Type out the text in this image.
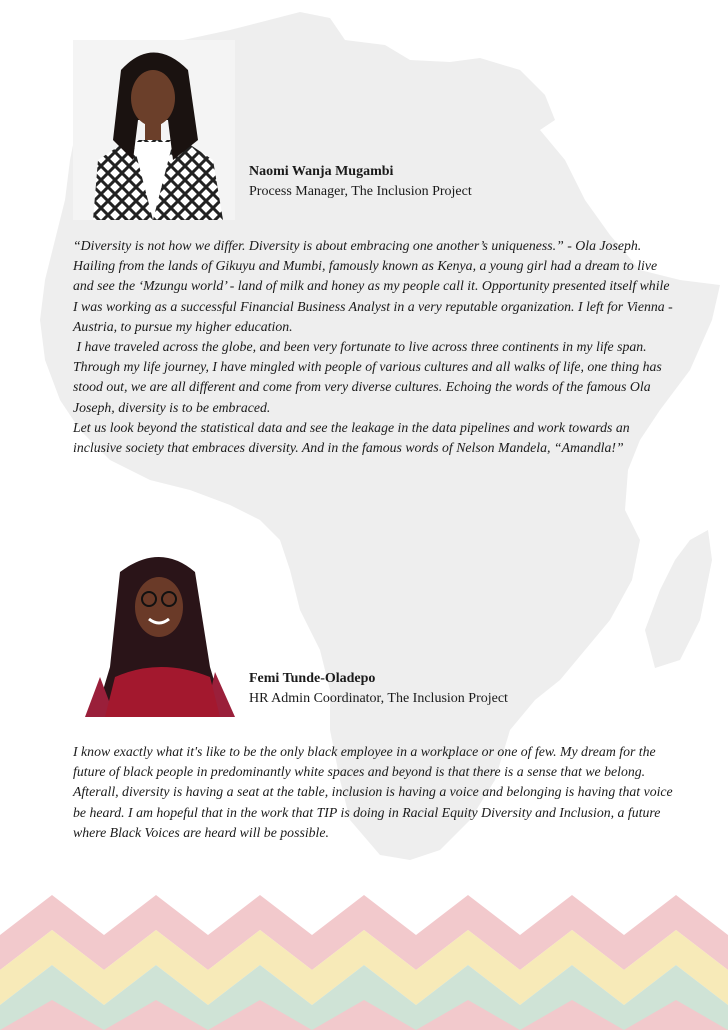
Naomi Wanja Mugambi
Process Manager, The Inclusion Project

“Diversity is not how we differ. Diversity is about embracing one another’s uniqueness.” - Ola Joseph.

Hailing from the lands of Gikuyu and Mumbi, famously known as Kenya, a young girl had a dream to live and see the ‘Mzungu world’ - land of milk and honey as my people call it. Opportunity presented itself while I was working as a successful Financial Business Analyst in a very reputable organization. I left for Vienna - Austria, to pursue my higher education.

I have traveled across the globe, and been very fortunate to live across three continents in my life span. Through my life journey, I have mingled with people of various cultures and all walks of life, one thing has stood out, we are all different and come from very diverse cultures. Echoing the words of the famous Ola Joseph, diversity is to be embraced.

Let us look beyond the statistical data and see the leakage in the data pipelines and work towards an inclusive society that embraces diversity. And in the famous words of Nelson Mandela, “Amandla!”

Femi Tunde-Oladepo
HR Admin Coordinator, The Inclusion Project

I know exactly what it's like to be the only black employee in a workplace or one of few. My dream for the future of black people in predominantly white spaces and beyond is that there is a sense that we belong. Afterall, diversity is having a seat at the table, inclusion is having a voice and belonging is having that voice be heard. I am hopeful that in the work that TIP is doing in Racial Equity Diversity and Inclusion, a future where Black Voices are heard will be possible.
